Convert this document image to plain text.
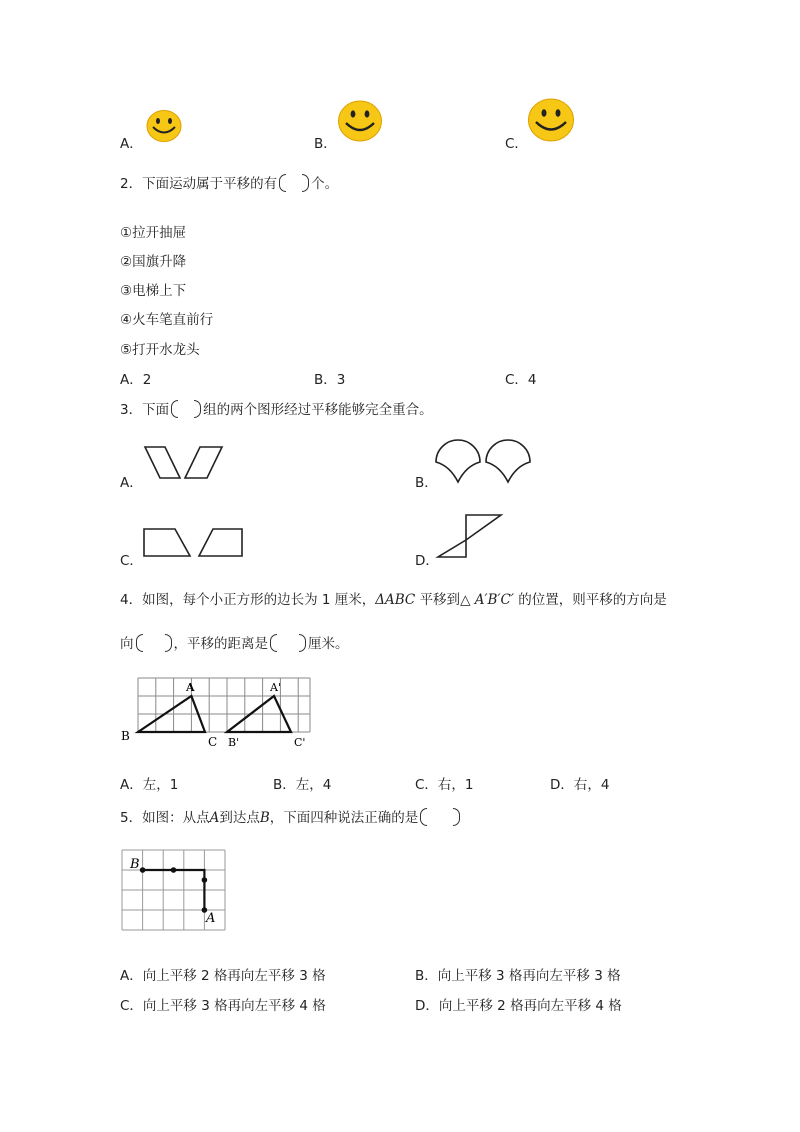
A．	B．	C．
2．下面运动属于平移的有	个。
①拉开抽屉
②国旗升降
③电梯上下
④火车笔直前行
⑤打开水龙头
A．2	B．3	C．4
3．下面	组的两个图形经过平移能够完全重合。
A．	B．
C．	D．
4．如图，每个小正方形的边长为 1 厘米，ΔABC 平移到△ A′B′C′ 的位置，则平移的方向是
向	，平移的距离是	厘米。
A
B	C
A'
B'	C'
A．左，1	B．左，4	C．右，1	D．右，4
5．如图：从点A到达点B，下面四种说法正确的是
B
A
A．向上平移 2 格再向左平移 3 格	B．向上平移 3 格再向左平移 3 格
C．向上平移 3 格再向左平移 4 格	D．向上平移 2 格再向左平移 4 格
